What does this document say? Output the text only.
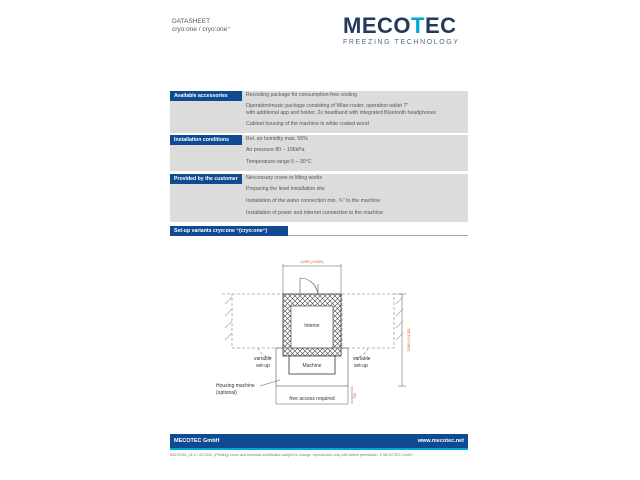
DATASHEET
cryo:one / cryo:one⁺	MECOTEC
FREEZING TECHNOLOGY
Available accessories	Recooling package for consumption-free cooling
Operation/music package consisting of Wlan-router, operation tablet 7"
with additional app and holder, 2x headband with integrated Bluetooth headphones
Cabinet housing of the machine in white coated wood
Installation conditions	Rel. air humidity max. 55%
Air pressure 80 – 106kPa
Temperature range 5 – 30°C
Provided by the customer	Neccessary crane or lifting works
Preparing the level installation site
Installation of the water connection min. ¾" to the machine
Installation of power and internet connection to the machine
Set-up variants cryo:one ⁺(cryo:one⁺)
1295 (*1300)
Interior
Machine
1980 (*2130)
780
free access required
variable
set-up
variable
set-up
Housing machine
(optional)
MECOTEC GmbH	www.mecotec.net
8407D051_01-V / 02.2022. (Printing) errors and technical modification subject to change, reproduction only with written permission. © MECOTEC GmbH
